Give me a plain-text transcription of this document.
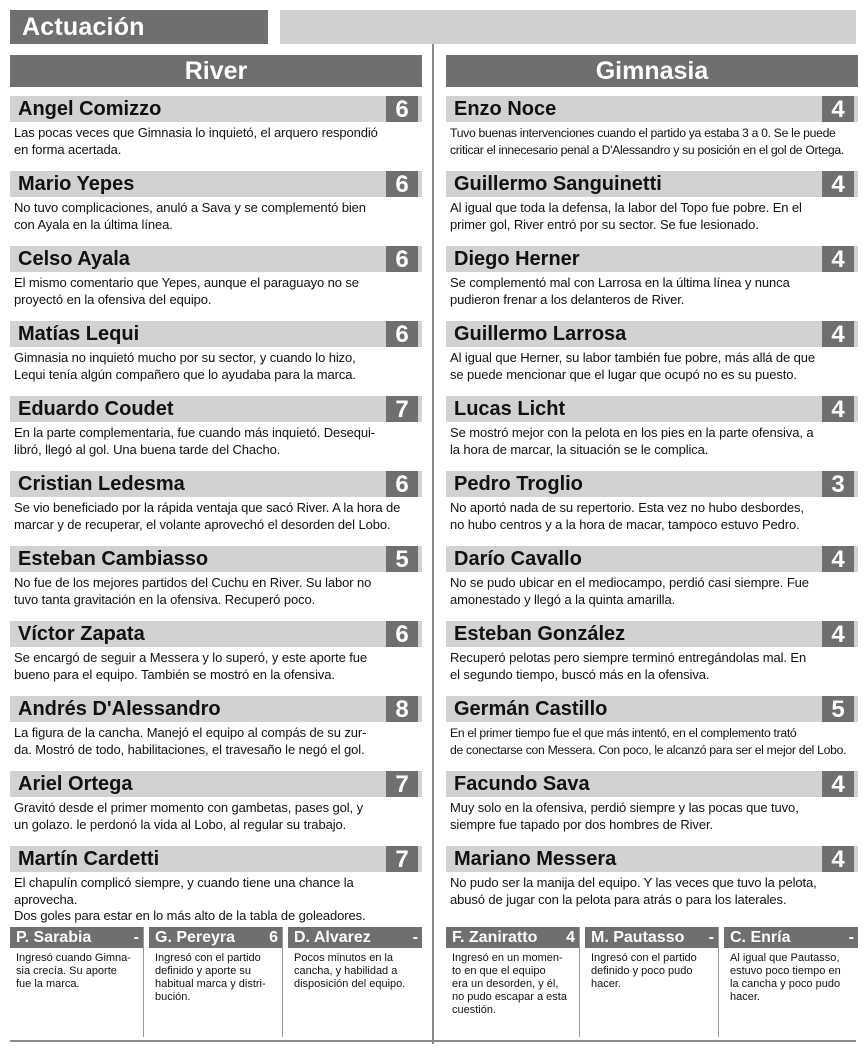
Actuación
River
Angel Comizzo	6
Las pocas veces que Gimnasia lo inquietó, el arquero respondió
en forma acertada.
Mario Yepes	6
No tuvo complicaciones, anuló a Sava y se complementó bien
con Ayala en la última línea.
Celso Ayala	6
El mismo comentario que Yepes, aunque el paraguayo no se
proyectó en la ofensiva del equipo.
Matías Lequi	6
Gimnasia no inquietó mucho por su sector, y cuando lo hizo,
Lequi tenía algún compañero que lo ayudaba para la marca.
Eduardo Coudet	7
En la parte complementaria, fue cuando más inquietó. Desequi-
libró, llegó al gol. Una buena tarde del Chacho.
Cristian Ledesma	6
Se vio beneficiado por la rápida ventaja que sacó River. A la hora de
marcar y de recuperar, el volante aprovechó el desorden del Lobo.
Esteban Cambiasso	5
No fue de los mejores partidos del Cuchu en River. Su labor no
tuvo tanta gravitación en la ofensiva. Recuperó poco.
Víctor Zapata	6
Se encargó de seguir a Messera y lo superó, y este aporte fue
bueno para el equipo. También se mostró en la ofensiva.
Andrés D'Alessandro	8
La figura de la cancha. Manejó el equipo al compás de su zur-
da. Mostró de todo, habilitaciones, el travesaño le negó el gol.
Ariel Ortega	7
Gravitó desde el primer momento con gambetas, pases gol, y
un golazo. le perdonó la vida al Lobo, al regular su trabajo.
Martín Cardetti	7
El chapulín complicó siempre, y cuando tiene una chance la aprovecha.
Dos goles para estar en lo más alto de la tabla de goleadores.
P. Sarabia	-
Ingresó cuando Gimna-
sia crecía. Su aporte
fue la marca.
G. Pereyra 6
Ingresó con el partido
definido y aporte su
habitual marca y distri-
bución.
D. Alvarez	-
Pocos minutos en la
cancha, y habilidad a
disposición del equipo.
Gimnasia
Enzo Noce	4
Tuvo buenas intervenciones cuando el partido ya estaba 3 a 0. Se le puede
criticar el innecesario penal a D'Alessandro y su posición en el gol de Ortega.
Guillermo Sanguinetti	4
Al igual que toda la defensa, la labor del Topo fue pobre. En el
primer gol, River entró por su sector. Se fue lesionado.
Diego Herner	4
Se complementó mal con Larrosa en la última línea y nunca
pudieron frenar a los delanteros de River.
Guillermo Larrosa	4
Al igual que Herner, su labor también fue pobre, más allá de que
se puede mencionar que el lugar que ocupó no es su puesto.
Lucas Licht	4
Se mostró mejor con la pelota en los pies en la parte ofensiva, a
la hora de marcar, la situación se le complica.
Pedro Troglio	3
No aportó nada de su repertorio. Esta vez no hubo desbordes,
no hubo centros y a la hora de macar, tampoco estuvo Pedro.
Darío Cavallo	4
No se pudo ubicar en el mediocampo, perdió casi siempre. Fue
amonestado y llegó a la quinta amarilla.
Esteban González	4
Recuperó pelotas pero siempre terminó entregándolas mal. En
el segundo tiempo, buscó más en la ofensiva.
Germán Castillo	5
En el primer tiempo fue el que más intentó, en el complemento trató
de conectarse con Messera. Con poco, le alcanzó para ser el mejor del Lobo.
Facundo Sava	4
Muy solo en la ofensiva, perdió siempre y las pocas que tuvo,
siempre fue tapado por dos hombres de River.
Mariano Messera	4
No pudo ser la manija del equipo. Y las veces que tuvo la pelota,
abusó de jugar con la pelota para atrás o para los laterales.
F. Zaniratto 4
Ingresó en un momen-
to en que el equipo
era un desorden, y él,
no pudo escapar a esta
cuestión.
M. Pautasso -
Ingresó con el partido
definido y poco pudo
hacer.
C. Enría	-
Al igual que Pautasso,
estuvo poco tiempo en
la cancha y poco pudo
hacer.
